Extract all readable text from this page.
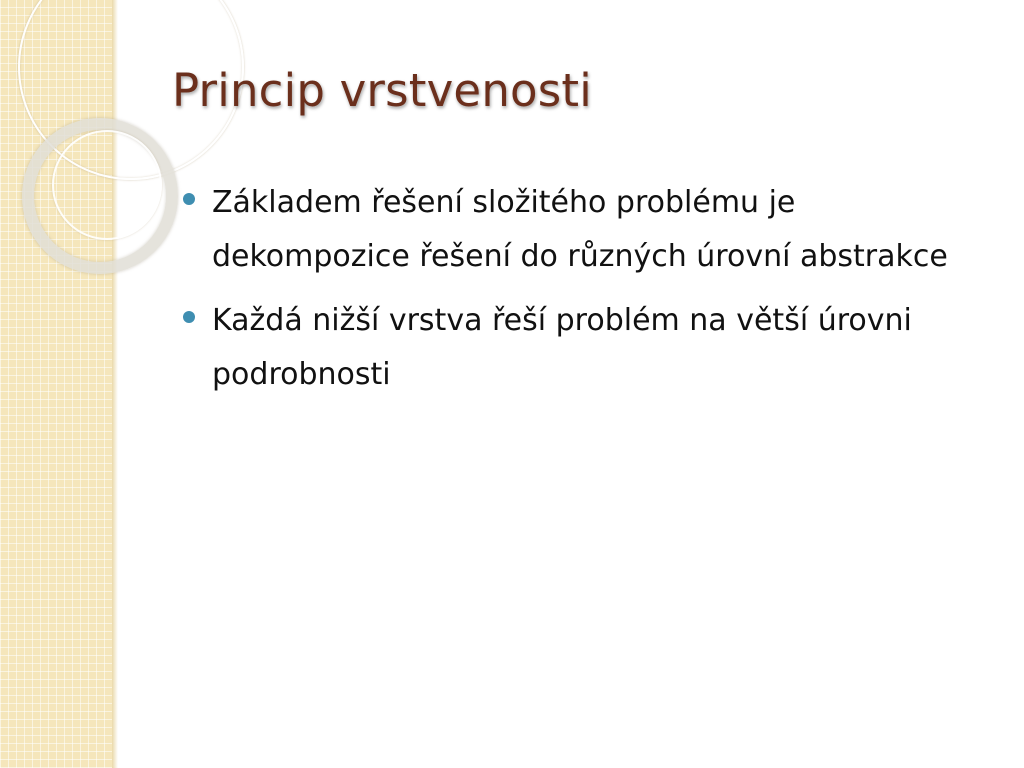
Princip vrstvenosti
Základem řešení složitého problému je dekompozice řešení do různých úrovní abstrakce
Každá nižší vrstva řeší problém na větší úrovni podrobnosti
